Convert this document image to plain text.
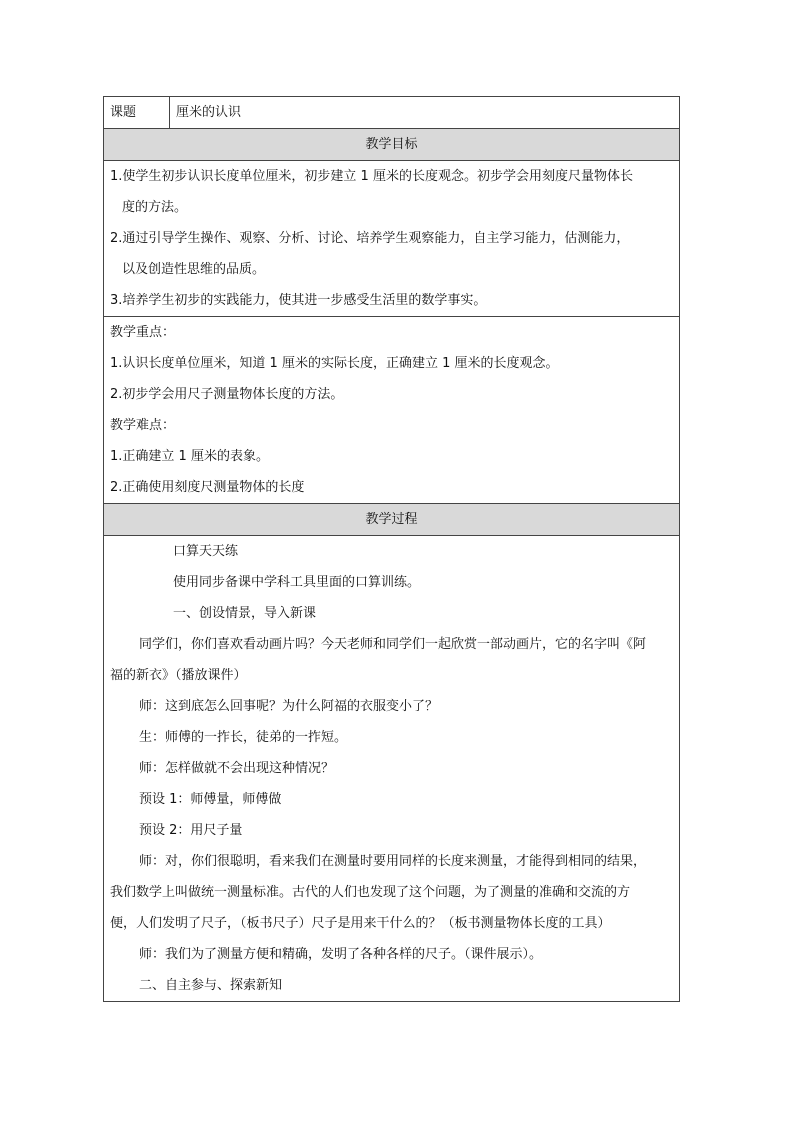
课题	厘米的认识
教学目标

1.使学生初步认识长度单位厘米，初步建立 1 厘米的长度观念。初步学会用刻度尺量物体长
度的方法。
2.通过引导学生操作、观察、分析、讨论、培养学生观察能力，自主学习能力，估测能力，
以及创造性思维的品质。
3.培养学生初步的实践能力，使其进一步感受生活里的数学事实。

教学重点：

1.认识长度单位厘米，知道 1 厘米的实际长度，正确建立 1 厘米的长度观念。

2.初步学会用尺子测量物体长度的方法。

教学难点：

1.正确建立 1 厘米的表象。

2.正确使用刻度尺测量物体的长度

教学过程

口算天天练

使用同步备课中学科工具里面的口算训练。

一、创设情景，导入新课

同学们，你们喜欢看动画片吗？今天老师和同学们一起欣赏一部动画片，它的名字叫《阿

福的新衣》（播放课件）

师：这到底怎么回事呢？为什么阿福的衣服变小了？

生：师傅的一拃长，徒弟的一拃短。

师：怎样做就不会出现这种情况？

预设 1：师傅量，师傅做

预设 2：用尺子量

师：对，你们很聪明，看来我们在测量时要用同样的长度来测量，才能得到相同的结果，

我们数学上叫做统一测量标准。古代的人们也发现了这个问题，为了测量的准确和交流的方

便，人们发明了尺子，（板书尺子）尺子是用来干什么的？（板书测量物体长度的工具）

师：我们为了测量方便和精确，发明了各种各样的尺子。（课件展示）。

二、自主参与、探索新知
